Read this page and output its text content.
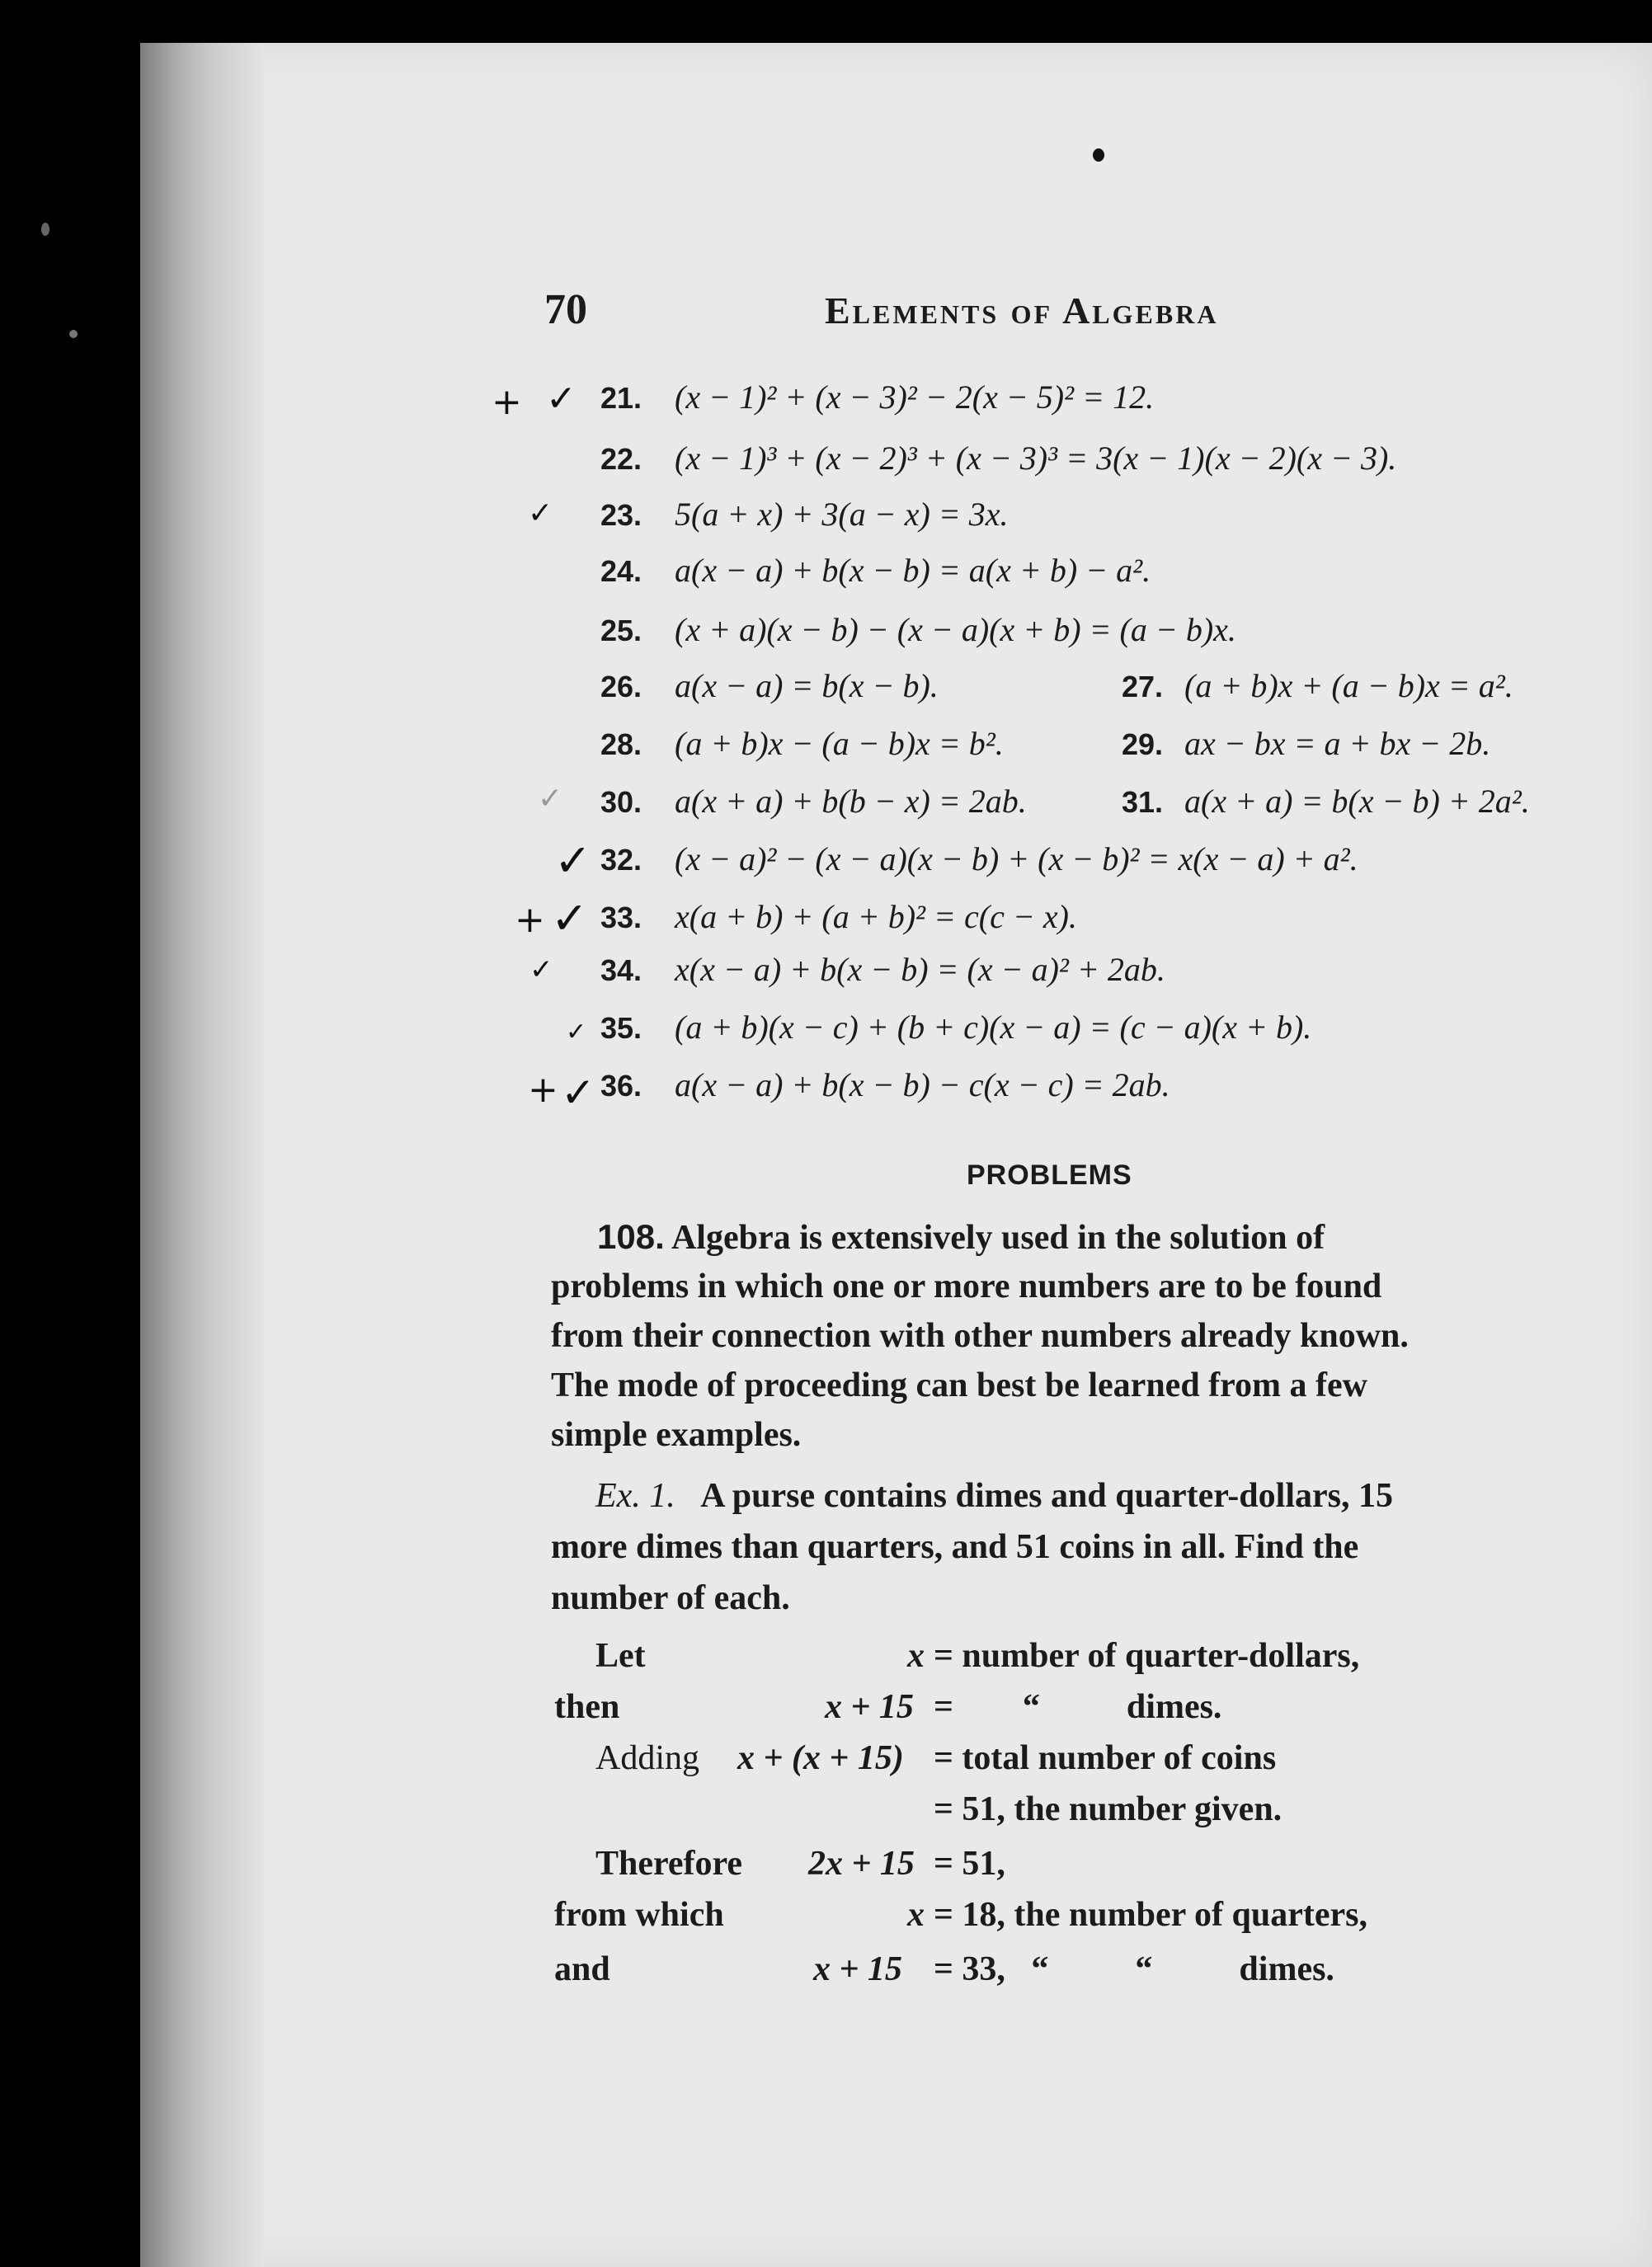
70	Elements of Algebra
21. (x − 1)² + (x − 3)² − 2(x − 5)² = 12.
22. (x − 1)³ + (x − 2)³ + (x − 3)³ = 3(x − 1)(x − 2)(x − 3).
23. 5(a + x) + 3(a − x) = 3x.
24. a(x − a) + b(x − b) = a(x + b) − a².
25. (x + a)(x − b) − (x − a)(x + b) = (a − b)x.
26. a(x − a) = b(x − b).	27. (a + b)x + (a − b)x = a².
28. (a + b)x − (a − b)x = b².	29. ax − bx = a + bx − 2b.
30. a(x + a) + b(b − x) = 2ab.	31. a(x + a) = b(x − b) + 2a².
32. (x − a)² − (x − a)(x − b) + (x − b)² = x(x − a) + a².
33. x(a + b) + (a + b)² = c(c − x).
34. x(x − a) + b(x − b) = (x − a)² + 2ab.
35. (a + b)(x − c) + (b + c)(x − a) = (c − a)(x + b).
36. a(x − a) + b(x − b) − c(x − c) = 2ab.
+ ✓
✓
✓
✓
+ ✓
✓
✓
+ ✓
PROBLEMS
108. Algebra is extensively used in the solution of
problems in which one or more numbers are to be found
from their connection with other numbers already known.
The mode of proceeding can best be learned from a few
simple examples.
Ex. 1. A purse contains dimes and quarter-dollars, 15
more dimes than quarters, and 51 coins in all. Find the
number of each.
Let	x = number of quarter-dollars,
then	x + 15 =        “          dimes.
Adding x + (x + 15) = total number of coins
= 51, the number given.
Therefore 2x + 15 = 51,
from which	x = 18, the number of quarters,
and	x + 15 = 33,   “          “          dimes.
